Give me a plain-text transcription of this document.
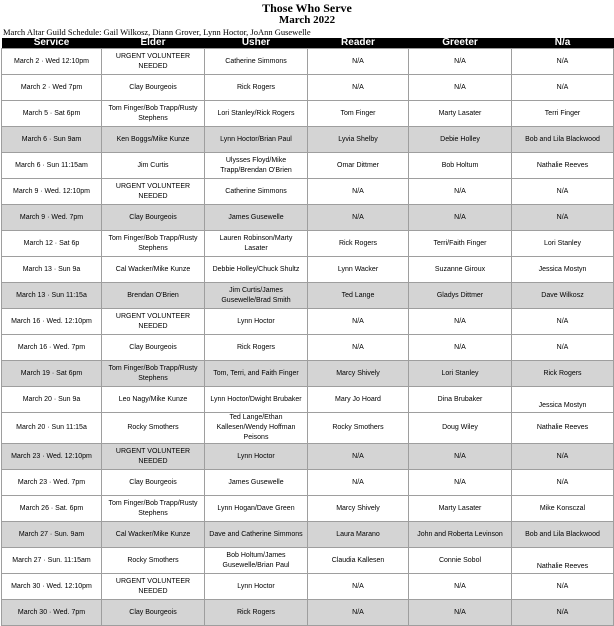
Those Who Serve
March 2022
March Altar Guild Schedule: Gail Wilkosz, Diann Grover, Lynn Hoctor, JoAnn Gusewelle
Service	Elder	Usher	Reader	Greeter	N/a
March 2 · Wed 12:10pm	URGENT VOLUNTEER NEEDED	Catherine Simmons	N/A	N/A	N/A
March 2 · Wed 7pm	Clay Bourgeois	Rick Rogers	N/A	N/A	N/A
March 5 · Sat 6pm	Tom Finger/Bob Trapp/Rusty Stephens	Lori Stanley/Rick Rogers	Tom Finger	Marty Lasater	Terri Finger
March 6 · Sun 9am	Ken Boggs/Mike Kunze	Lynn Hoctor/Brian Paul	Lyvia Shelby	Debie Holley	Bob and Lila Blackwood
March 6 · Sun 11:15am	Jim Curtis	Ulysses Floyd/Mike Trapp/Brendan O'Brien	Omar Dittmer	Bob Holtum	Nathalie Reeves
March 9 · Wed. 12:10pm	URGENT VOLUNTEER NEEDED	Catherine Simmons	N/A	N/A	N/A
March 9 · Wed. 7pm	Clay Bourgeois	James Gusewelle	N/A	N/A	N/A
March 12 · Sat 6p	Tom Finger/Bob Trapp/Rusty Stephens	Lauren Robinson/Marty Lasater	Rick Rogers	Terri/Faith Finger	Lori Stanley
March 13 · Sun 9a	Cal Wacker/Mike Kunze	Debbie Holley/Chuck Shultz	Lynn Wacker	Suzanne Giroux	Jessica Mostyn
March 13 · Sun 11:15a	Brendan O'Brien	Jim Curtis/James Gusewelle/Brad Smith	Ted Lange	Gladys Dittmer	Dave Wilkosz
March 16 · Wed. 12:10pm	URGENT VOLUNTEER NEEDED	Lynn Hoctor	N/A	N/A	N/A
March 16 · Wed. 7pm	Clay Bourgeois	Rick Rogers	N/A	N/A	N/A
March 19 · Sat 6pm	Tom Finger/Bob Trapp/Rusty Stephens	Tom, Terri, and Faith Finger	Marcy Shively	Lori Stanley	Rick Rogers
March 20 · Sun 9a	Leo Nagy/Mike Kunze	Lynn Hoctor/Dwight Brubaker	Mary Jo Hoard	Dina Brubaker	Jessica Mostyn
March 20 · Sun 11:15a	Rocky Smothers	Ted Lange/Ethan Kallesen/Wendy Hoffman Peisons	Rocky Smothers	Doug Wiley	Nathalie Reeves
March 23 · Wed. 12:10pm	URGENT VOLUNTEER NEEDED	Lynn Hoctor	N/A	N/A	N/A
March 23 · Wed. 7pm	Clay Bourgeois	James Gusewelle	N/A	N/A	N/A
March 26 · Sat. 6pm	Tom Finger/Bob Trapp/Rusty Stephens	Lynn Hogan/Dave Green	Marcy Shively	Marty Lasater	Mike Konsczal
March 27 · Sun. 9am	Cal Wacker/Mike Kunze	Dave and Catherine Simmons	Laura Marano	John and Roberta Levinson	Bob and Lila Blackwood
March 27 · Sun. 11:15am	Rocky Smothers	Bob Holtum/James Gusewelle/Brian Paul	Claudia Kallesen	Connie Sobol	Nathalie Reeves
March 30 · Wed. 12:10pm	URGENT VOLUNTEER NEEDED	Lynn Hoctor	N/A	N/A	N/A
March 30 · Wed. 7pm	Clay Bourgeois	Rick Rogers	N/A	N/A	N/A
